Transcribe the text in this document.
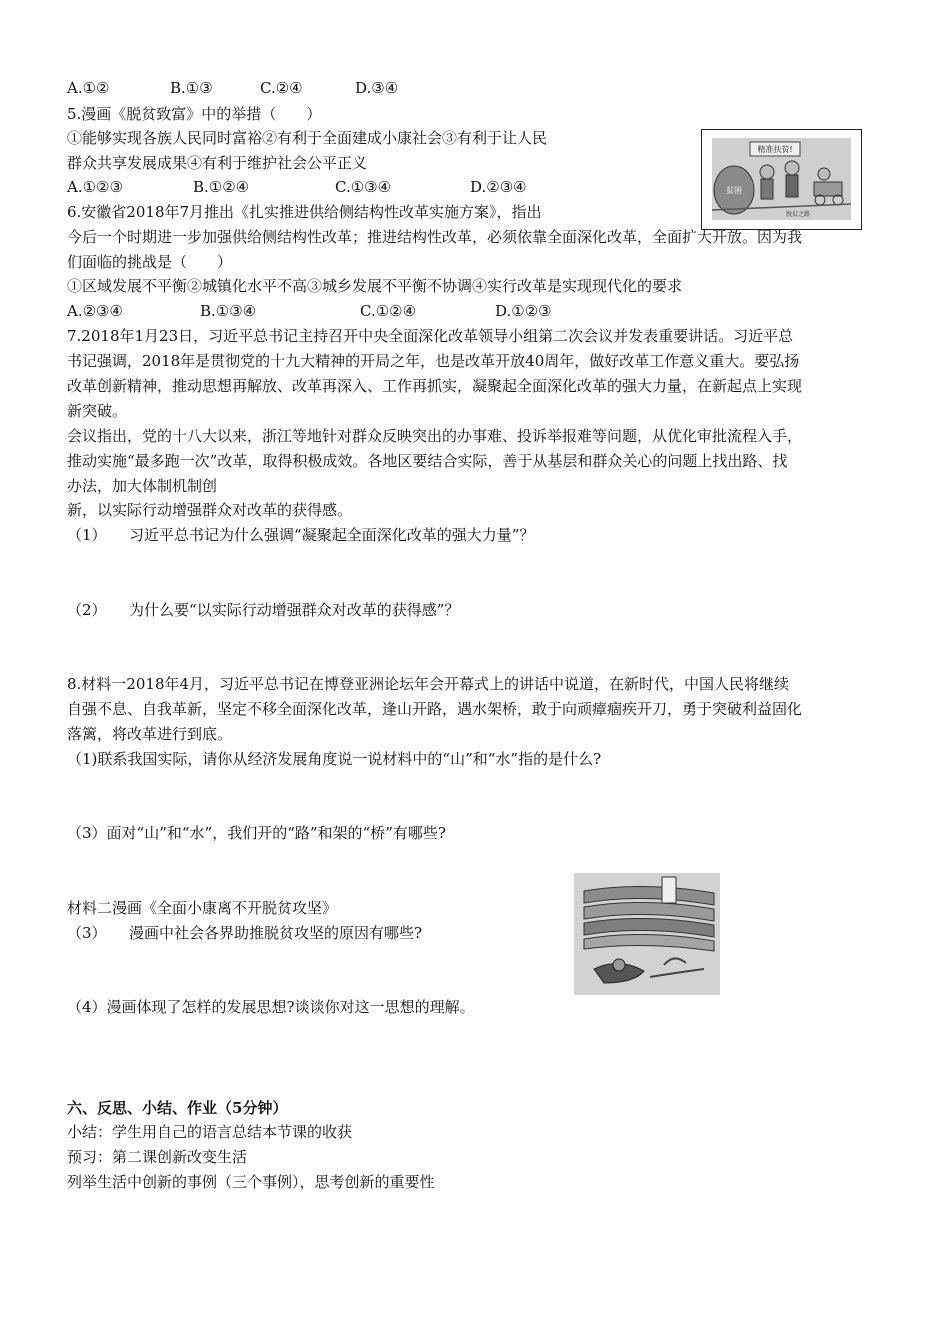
A.①②	B.①③	C.②④	D.③④
5.漫画《脱贫致富》中的举措（　　）
①能够实现各族人民同时富裕②有利于全面建成小康社会③有利于让人民
群众共享发展成果④有利于维护社会公平正义
A.①②③	B.①②④	C.①③④	D.②③④
精准扶贫!
贫困
脱贫之路
6.安徽省2018年7月推出《扎实推进供给侧结构性改革实施方案》，指出
今后一个时期进一步加强供给侧结构性改革；推进结构性改革，必须依靠全面深化改革，全面扩大开放。因为我
们面临的挑战是（　　）
①区域发展不平衡②城镇化水平不高③城乡发展不平衡不协调④实行改革是实现现代化的要求
A.②③④	B.①③④	C.①②④	D.①②③
7.2018年1月23日，习近平总书记主持召开中央全面深化改革领导小组第二次会议并发表重要讲话。习近平总
书记强调，2018年是贯彻党的十九大精神的开局之年，也是改革开放40周年，做好改革工作意义重大。要弘扬
改革创新精神，推动思想再解放、改革再深入、工作再抓实，凝聚起全面深化改革的强大力量，在新起点上实现
新突破。
会议指出，党的十八大以来，浙江等地针对群众反映突出的办事难、投诉举报难等问题，从优化审批流程入手，
推动实施“最多跑一次”改革，取得积极成效。各地区要结合实际，善于从基层和群众关心的问题上找出路、找
办法，加大体制机制创
新，以实际行动增强群众对改革的获得感。
（1）　　习近平总书记为什么强调“凝聚起全面深化改革的强大力量”？
（2）　　为什么要“以实际行动增强群众对改革的获得感”？
8.材料一2018年4月，习近平总书记在博登亚洲论坛年会开幕式上的讲话中说道，在新时代，中国人民将继续
自强不息、自我革新，坚定不移全面深化改革，逢山开路，遇水架桥，敢于向顽瘴痼疾开刀，勇于突破利益固化
落篱，将改革进行到底。
（1)联系我国实际，请你从经济发展角度说一说材料中的“山”和“水”指的是什么?
（3）面对“山”和“水”，我们开的“路”和架的“桥”有哪些?
材料二漫画《全面小康离不开脱贫攻坚》
（3）　　漫画中社会各界助推脱贫攻坚的原因有哪些?
（4）漫画体现了怎样的发展思想?谈谈你对这一思想的理解。
六、反思、小结、作业（5分钟）
小结：学生用自己的语言总结本节课的收获
预习：第二课创新改变生活
列举生活中创新的事例（三个事例），思考创新的重要性
